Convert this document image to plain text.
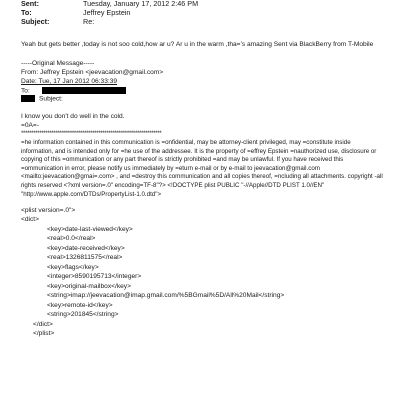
Sent:	Tuesday, January 17, 2012 2:46 PM
To:	Jeffrey Epstein
Subject:	Re:
Yeah but gets better ,today is not soo cold,how ar u? Ar u in the warm ,tha=’s amazing Sent via BlackBerry from T-Mobile
-----Original Message-----
From: Jeffrey Epstein <jeevacation@gmail.com>
Date: Tue, 17 Jan 2012 06:33:39
To:
Subject:
I know you don't do well in the cold.
=0A=-
*********************************************************************
=he information contained in this communication is =onfidential, may be attorney-client privileged, may =constitute inside information, and is intended only for =he use of the addressee. It is the property of =effrey Epstein =nauthorized use, disclosure or copying of this =ommunication or any part thereof is strictly prohibited =and may be unlawful. If you have received this =ommunication in error, please notify us immediately by =eturn e-mail or by e-mail to jeevacation@gmail.com <mailto:jeevacation@gmai=.com> , and =destroy this communication and all copies thereof, =ncluding all attachments. copyright -all rights reserved <?xml version=.0" encoding=TF-8"?> <!DOCTYPE plist PUBLIC "-//Apple//DTD PLIST 1.0//EN" "http://www.apple.com/DTDs/PropertyList-1.0.dtd">
<plist version=.0">
<dict>
<key>date-last-viewed</key>
<real>0.0</real>
<key>date-received</key>
<real>1326811575</real>
<key>flags</key>
<integer>8590195713</integer>
<key>original-mailbox</key>
<string>imap://jeevacation@imap.gmail.com/%5BGmail%5D/All%20Mail</string>
<key>remote-id</key>
<string>201845</string>
</dict>
</plist>
